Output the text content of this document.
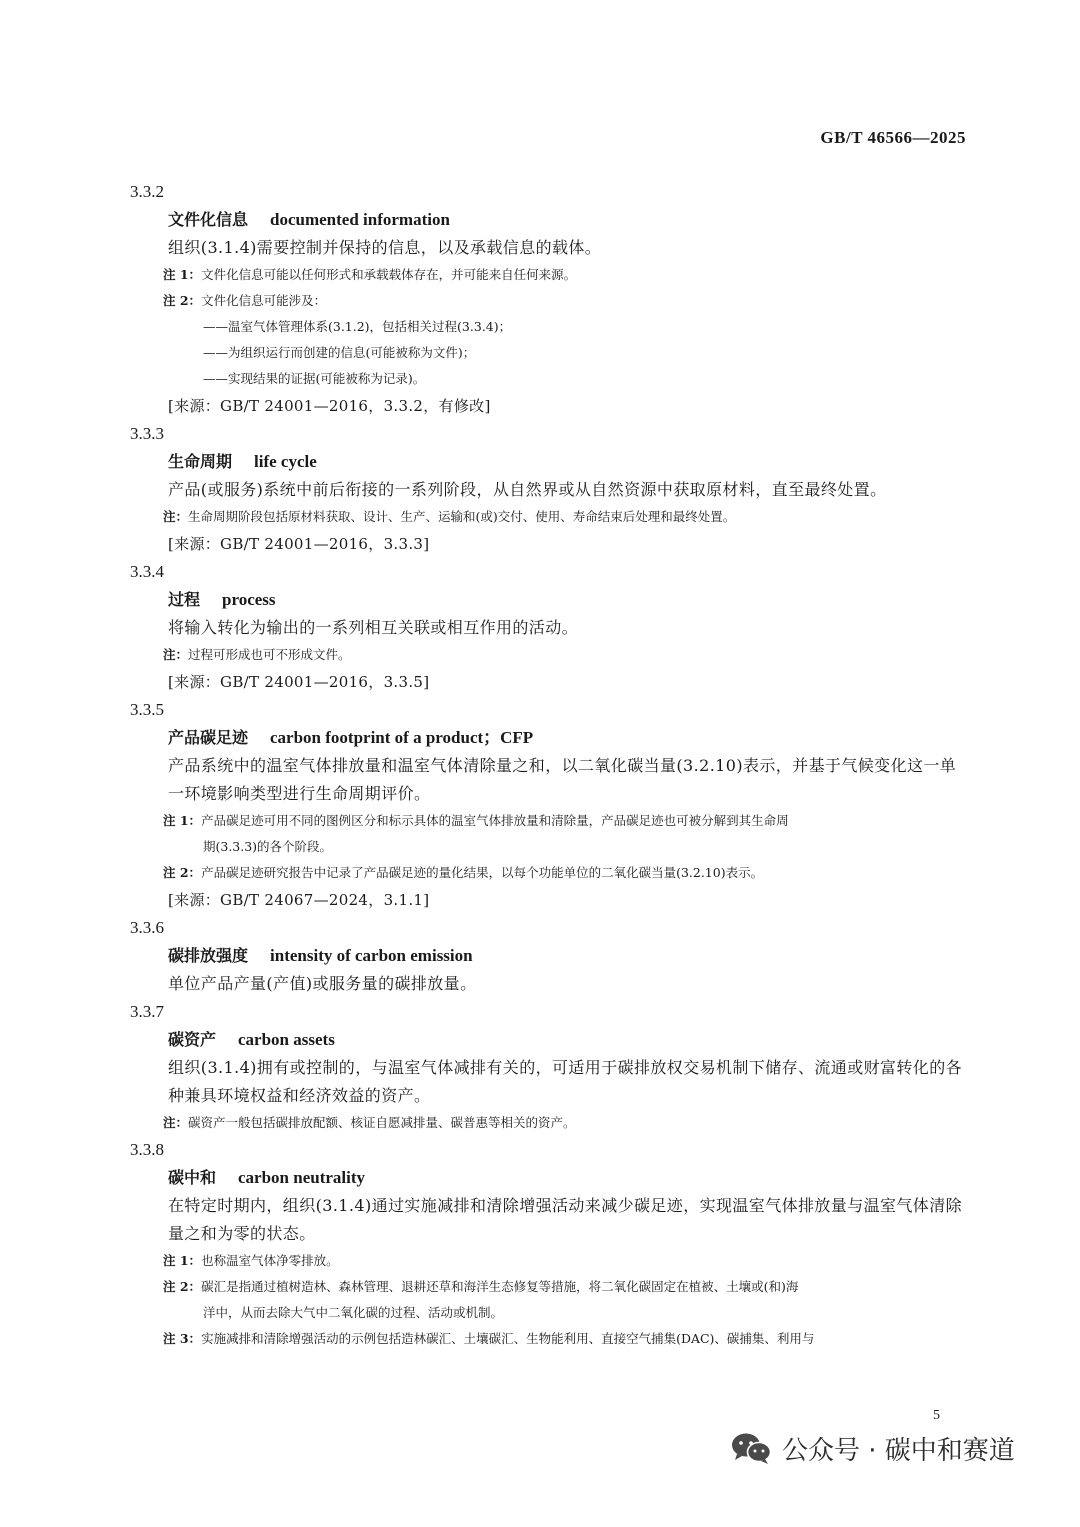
GB/T 46566—2025
3.3.2
文件化信息 documented information
组织(3.1.4)需要控制并保持的信息，以及承载信息的载体。
注 1：文件化信息可能以任何形式和承载载体存在，并可能来自任何来源。
注 2：文件化信息可能涉及：
——温室气体管理体系(3.1.2)，包括相关过程(3.3.4)；
——为组织运行而创建的信息(可能被称为文件)；
——实现结果的证据(可能被称为记录)。
[来源：GB/T 24001—2016，3.3.2，有修改]
3.3.3
生命周期 life cycle
产品(或服务)系统中前后衔接的一系列阶段，从自然界或从自然资源中获取原材料，直至最终处置。
注：生命周期阶段包括原材料获取、设计、生产、运输和(或)交付、使用、寿命结束后处理和最终处置。
[来源：GB/T 24001—2016，3.3.3]
3.3.4
过程 process
将输入转化为输出的一系列相互关联或相互作用的活动。
注：过程可形成也可不形成文件。
[来源：GB/T 24001—2016，3.3.5]
3.3.5
产品碳足迹 carbon footprint of a product；CFP
产品系统中的温室气体排放量和温室气体清除量之和，以二氧化碳当量(3.2.10)表示，并基于气候变化这一单一环境影响类型进行生命周期评价。
注 1：产品碳足迹可用不同的图例区分和标示具体的温室气体排放量和清除量，产品碳足迹也可被分解到其生命周
期(3.3.3)的各个阶段。
注 2：产品碳足迹研究报告中记录了产品碳足迹的量化结果，以每个功能单位的二氧化碳当量(3.2.10)表示。
[来源：GB/T 24067—2024，3.1.1]
3.3.6
碳排放强度 intensity of carbon emission
单位产品产量(产值)或服务量的碳排放量。
3.3.7
碳资产 carbon assets
组织(3.1.4)拥有或控制的，与温室气体减排有关的，可适用于碳排放权交易机制下储存、流通或财富转化的各种兼具环境权益和经济效益的资产。
注：碳资产一般包括碳排放配额、核证自愿减排量、碳普惠等相关的资产。
3.3.8
碳中和 carbon neutrality
在特定时期内，组织(3.1.4)通过实施减排和清除增强活动来减少碳足迹，实现温室气体排放量与温室气体清除量之和为零的状态。
注 1：也称温室气体净零排放。
注 2：碳汇是指通过植树造林、森林管理、退耕还草和海洋生态修复等措施，将二氧化碳固定在植被、土壤或(和)海
洋中，从而去除大气中二氧化碳的过程、活动或机制。
注 3：实施减排和清除增强活动的示例包括造林碳汇、土壤碳汇、生物能利用、直接空气捕集(DAC)、碳捕集、利用与
5
公众号 · 碳中和赛道
